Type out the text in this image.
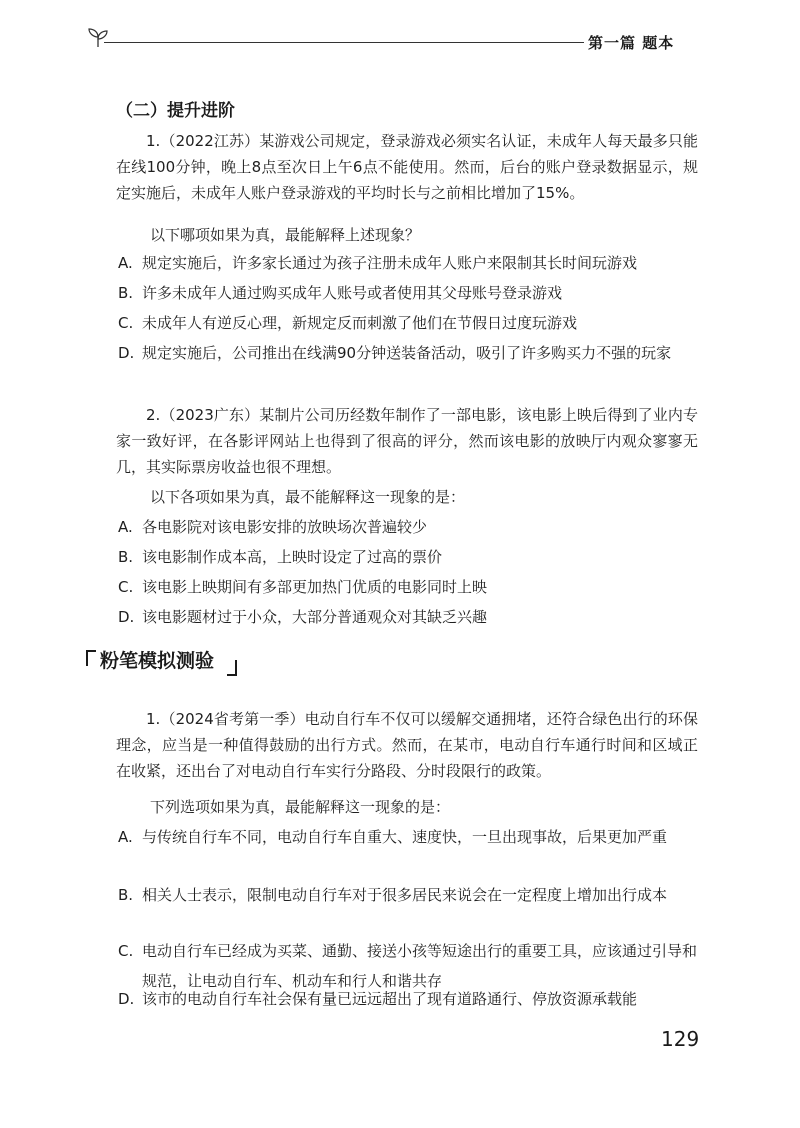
第一篇 题本
（二）提升进阶

1.（2022江苏）某游戏公司规定，登录游戏必须实名认证，未成年人每天最多只能在线100分钟，晚上8点至次日上午6点不能使用。然而，后台的账户登录数据显示，规定实施后，未成年人账户登录游戏的平均时长与之前相比增加了15%。

以下哪项如果为真，最能解释上述现象？

A. 规定实施后，许多家长通过为孩子注册未成年人账户来限制其长时间玩游戏

B. 许多未成年人通过购买成年人账号或者使用其父母账号登录游戏

C. 未成年人有逆反心理，新规定反而刺激了他们在节假日过度玩游戏

D. 规定实施后，公司推出在线满90分钟送装备活动，吸引了许多购买力不强的玩家

2.（2023广东）某制片公司历经数年制作了一部电影，该电影上映后得到了业内专家一致好评，在各影评网站上也得到了很高的评分，然而该电影的放映厅内观众寥寥无几，其实际票房收益也很不理想。

以下各项如果为真，最不能解释这一现象的是：

A. 各电影院对该电影安排的放映场次普遍较少

B. 该电影制作成本高，上映时设定了过高的票价

C. 该电影上映期间有多部更加热门优质的电影同时上映

D. 该电影题材过于小众，大部分普通观众对其缺乏兴趣

粉笔模拟测验

1.（2024省考第一季）电动自行车不仅可以缓解交通拥堵，还符合绿色出行的环保理念，应当是一种值得鼓励的出行方式。然而，在某市，电动自行车通行时间和区域正在收紧，还出台了对电动自行车实行分路段、分时段限行的政策。

下列选项如果为真，最能解释这一现象的是：
A. 与传统自行车不同，电动自行车自重大、速度快，一旦出现事故，后果更加严重
B. 相关人士表示，限制电动自行车对于很多居民来说会在一定程度上增加出行成本
C. 电动自行车已经成为买菜、通勤、接送小孩等短途出行的重要工具，应该通过引导和规范，让电动自行车、机动车和行人和谐共存
D. 该市的电动自行车社会保有量已远远超出了现有道路通行、停放资源承载能
129
